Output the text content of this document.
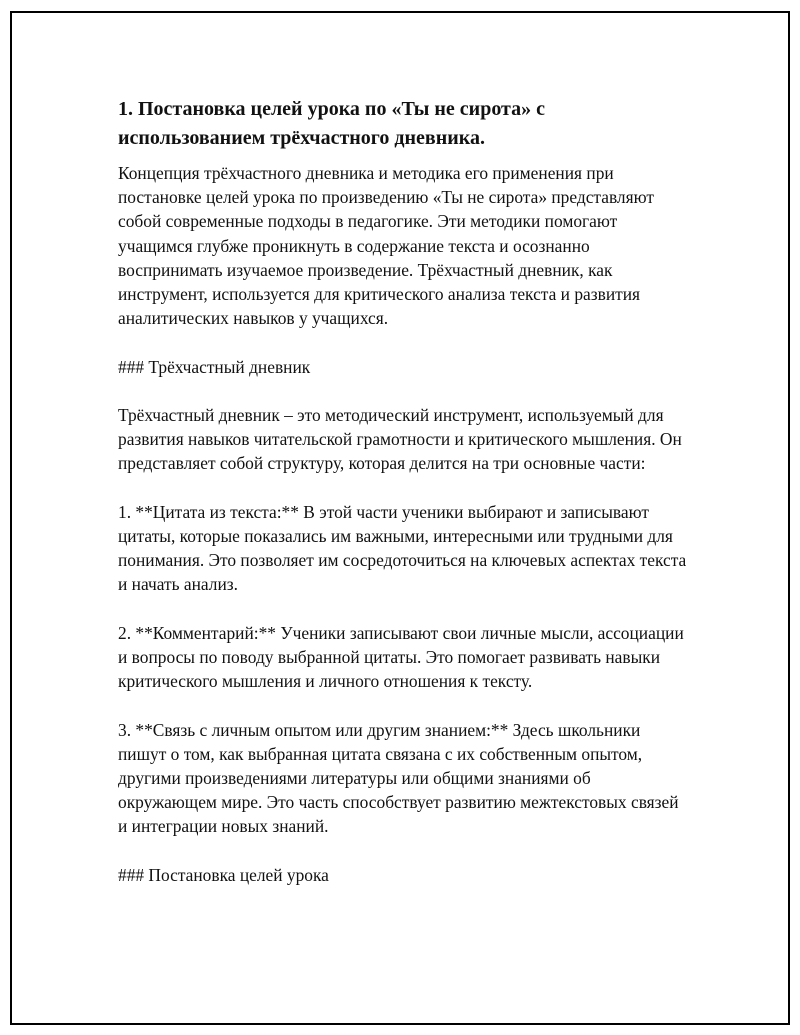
1. Постановка целей урока по «Ты не сирота» с использованием трёхчастного дневника.

Концепция трёхчастного дневника и методика его применения при постановке целей урока по произведению «Ты не сирота» представляют собой современные подходы в педагогике. Эти методики помогают учащимся глубже проникнуть в содержание текста и осознанно воспринимать изучаемое произведение. Трёхчастный дневник, как инструмент, используется для критического анализа текста и развития аналитических навыков у учащихся.

### Трёхчастный дневник

Трёхчастный дневник – это методический инструмент, используемый для развития навыков читательской грамотности и критического мышления. Он представляет собой структуру, которая делится на три основные части:

1. **Цитата из текста:** В этой части ученики выбирают и записывают цитаты, которые показались им важными, интересными или трудными для понимания. Это позволяет им сосредоточиться на ключевых аспектах текста и начать анализ.

2. **Комментарий:** Ученики записывают свои личные мысли, ассоциации и вопросы по поводу выбранной цитаты. Это помогает развивать навыки критического мышления и личного отношения к тексту.

3. **Связь с личным опытом или другим знанием:** Здесь школьники пишут о том, как выбранная цитата связана с их собственным опытом, другими произведениями литературы или общими знаниями об окружающем мире. Это часть способствует развитию межтекстовых связей и интеграции новых знаний.

### Постановка целей урока
